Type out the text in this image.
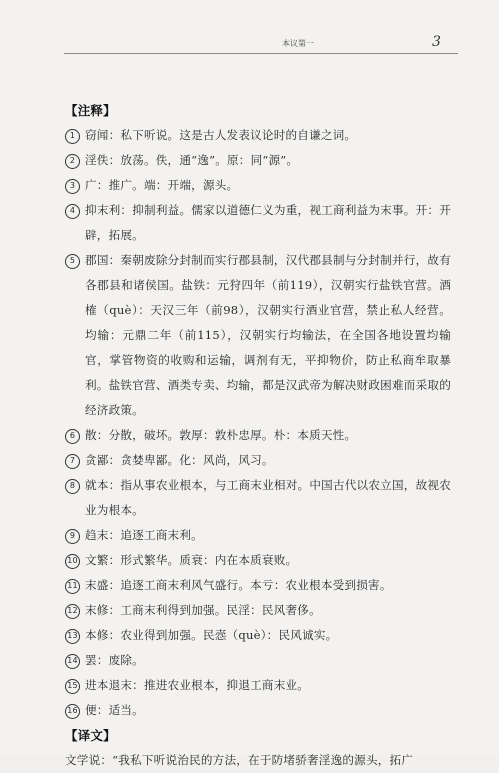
本议第一	3

【注释】

1 窃闻：私下听说。这是古人发表议论时的自谦之词。

2 淫佚：放荡。佚，通“逸”。原：同“源”。

3 广：推广。端：开端，源头。

4 抑末利：抑制利益。儒家以道德仁义为重，视工商利益为末事。开：开辟，拓展。

5 郡国：秦朝废除分封制而实行郡县制，汉代郡县制与分封制并行，故有各郡县和诸侯国。盐铁：元狩四年（前119），汉朝实行盐铁官营。酒榷（què）：天汉三年（前98），汉朝实行酒业官营，禁止私人经营。均输：元鼎二年（前115），汉朝实行均输法，在全国各地设置均输官，掌管物资的收购和运输，调剂有无，平抑物价，防止私商牟取暴利。盐铁官营、酒类专卖、均输，都是汉武帝为解决财政困难而采取的经济政策。

6 散：分散，破坏。敦厚：敦朴忠厚。朴：本质天性。

7 贪鄙：贪婪卑鄙。化：风尚，风习。

8 就本：指从事农业根本，与工商末业相对。中国古代以农立国，故视农业为根本。

9 趋末：追逐工商末利。

10 文繁：形式繁华。质衰：内在本质衰败。

11 末盛：追逐工商末利风气盛行。本亏：农业根本受到损害。

12 末修：工商末利得到加强。民淫：民风奢侈。

13 本修：农业得到加强。民悫（què）：民风诚实。

14 罢：废除。

15 进本退末：推进农业根本，抑退工商末业。

16 便：适当。

【译文】

文学说：“我私下听说治民的方法，在于防堵骄奢淫逸的源头，拓广
